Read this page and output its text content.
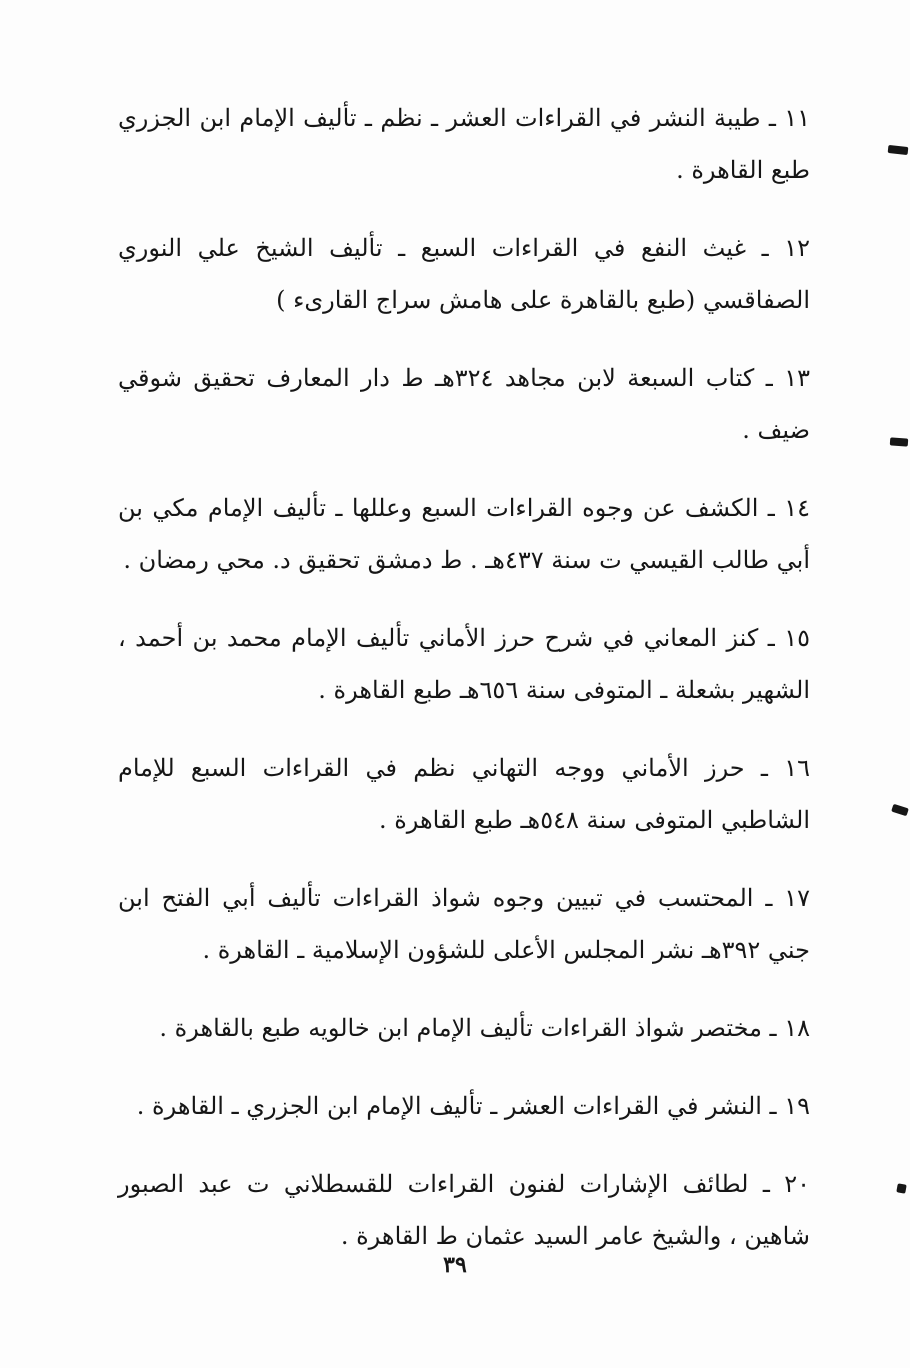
١١ ـ طيبة النشر في القراءات العشر ـ نظم ـ تأليف الإمام ابن الجزري طبع القاهرة .

١٢ ـ غيث النفع في القراءات السبع ـ تأليف الشيخ علي النوري الصفاقسي (طبع بالقاهرة على هامش سراج القارىء )

١٣ ـ كتاب السبعة لابن مجاهد ٣٢٤هـ ط دار المعارف تحقيق شوقي ضيف .

١٤ ـ الكشف عن وجوه القراءات السبع وعللها ـ تأليف الإمام مكي بن أبي طالب القيسي ت سنة ٤٣٧هـ . ط دمشق تحقيق د. محي رمضان .

١٥ ـ كنز المعاني في شرح حرز الأماني تأليف الإمام محمد بن أحمد ، الشهير بشعلة ـ المتوفى سنة ٦٥٦هـ طبع القاهرة .

١٦ ـ حرز الأماني ووجه التهاني نظم في القراءات السبع للإمام الشاطبي المتوفى سنة ٥٤٨هـ طبع القاهرة .

١٧ ـ المحتسب في تبيين وجوه شواذ القراءات تأليف أبي الفتح ابن جني ٣٩٢هـ نشر المجلس الأعلى للشؤون الإسلامية ـ القاهرة .

١٨ ـ مختصر شواذ القراءات تأليف الإمام ابن خالويه طبع بالقاهرة .

١٩ ـ النشر في القراءات العشر ـ تأليف الإمام ابن الجزري ـ القاهرة .

٢٠ ـ لطائف الإشارات لفنون القراءات للقسطلاني ت عبد الصبور شاهين ، والشيخ عامر السيد عثمان ط القاهرة .

٣٩
